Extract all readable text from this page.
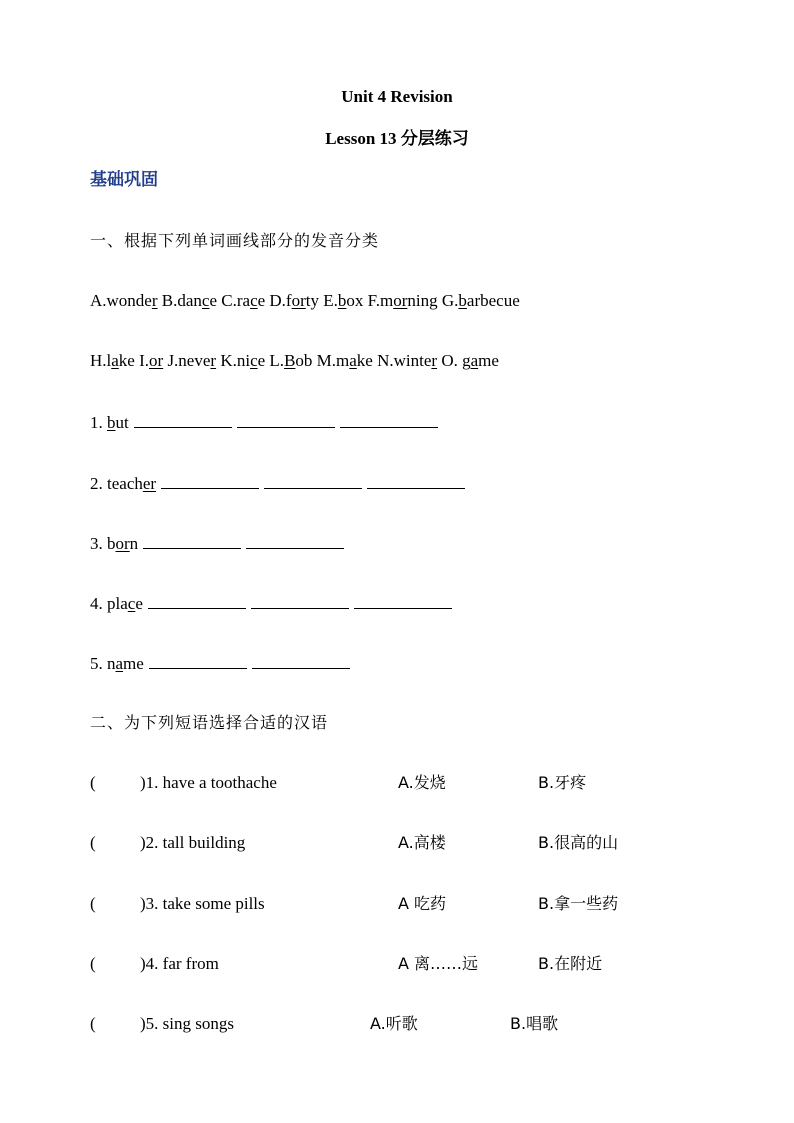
Unit 4 Revision
Lesson 13 分层练习
基础巩固
一、根据下列单词画线部分的发音分类
A.wonder B.dance C.race D.forty E.box F.morning G.barbecue
H.lake I.or J.never K.nice L.Bob M.make N.winter O. game
1. but
2. teacher
3. born
4. place
5. name
二、为下列短语选择合适的汉语
(	)1. have a toothache	A.发烧	B.牙疼
(	)2. tall building	A.高楼	B.很高的山
(	)3. take some pills	A 吃药	B.拿一些药
(	)4. far from	A 离……远	B.在附近
(	)5. sing songs	A.听歌	B.唱歌
